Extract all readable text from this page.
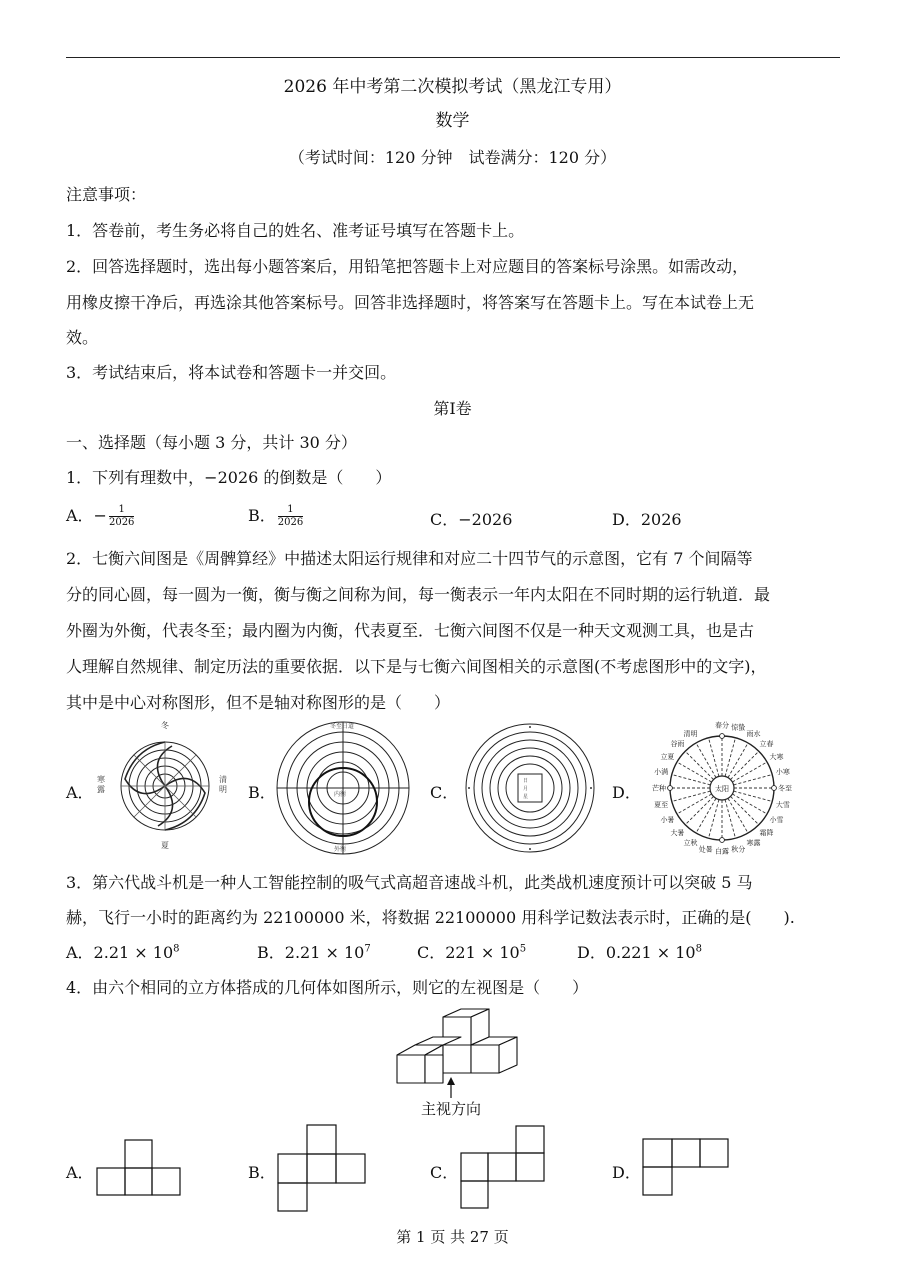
2026 年中考第二次模拟考试（黑龙江专用）
数学
（考试时间：120 分钟　试卷满分：120 分）
注意事项：
1．答卷前，考生务必将自己的姓名、准考证号填写在答题卡上。
2．回答选择题时，选出每小题答案后，用铅笔把答题卡上对应题目的答案标号涂黑。如需改动，
用橡皮擦干净后，再选涂其他答案标号。回答非选择题时，将答案写在答题卡上。写在本试卷上无
效。
3．考试结束后，将本试卷和答题卡一并交回。
第Ⅰ卷
一、选择题（每小题 3 分，共计 30 分）
1．下列有理数中，−2026 的倒数是（　　）
A．− $\frac{1}{2026}$	B． $\frac{1}{2026}$	C．−2026	D．2026
2．七衡六间图是《周髀算经》中描述太阳运行规律和对应二十四节气的示意图，它有 7 个间隔等
分的同心圆，每一圆为一衡，衡与衡之间称为间，每一衡表示一年内太阳在不同时期的运行轨道．最
外圈为外衡，代表冬至；最内圈为内衡，代表夏至．七衡六间图不仅是一种天文观测工具，也是古
人理解自然规律、制定历法的重要依据．以下是与七衡六间图相关的示意图(不考虑图形中的文字)，
其中是中心对称图形，但不是轴对称图形的是（　　）
A．	B．	C．	D．
冬
夏
寒
露
清
明
冬至日道
内衡
外衡
日
月
星
太阳
春分 惊蛰
雨水
立春
大寒
小寒
冬至
大雪
小雪
霜降
寒露
秋分
白露
处暑
立秋
大暑
小暑
夏至
芒种
小满
立夏
谷雨
清明
3．第六代战斗机是一种人工智能控制的吸气式高超音速战斗机，此类战机速度预计可以突破 5 马
赫，飞行一小时的距离约为 22100000 米，将数据 22100000 用科学记数法表示时，正确的是(　　).
A．$2.21 \times 10^8$	B．$2.21 \times 10^7$	C．$221 \times 10^5$	D．$0.221 \times 10^8$
4．由六个相同的立方体搭成的几何体如图所示，则它的左视图是（　　）
主视方向
A．	B．	C．	D．
第 1 页 共 27 页
